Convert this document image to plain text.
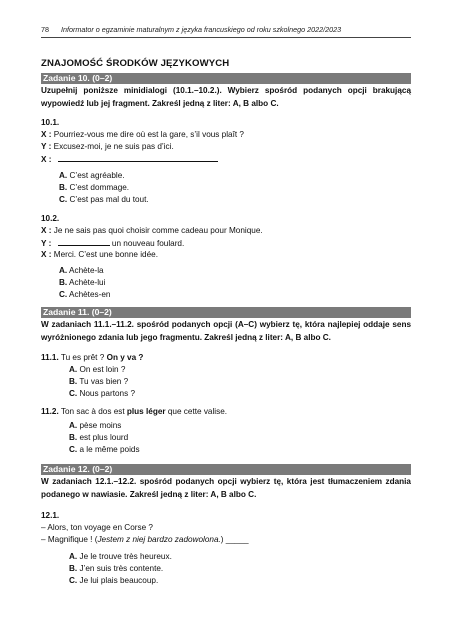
78 Informator o egzaminie maturalnym z języka francuskiego od roku szkolnego 2022/2023
ZNAJOMOŚĆ ŚRODKÓW JĘZYKOWYCH
Zadanie 10. (0–2)
Uzupełnij poniższe minidialogi (10.1.–10.2.). Wybierz spośród podanych opcji brakującą wypowiedź lub jej fragment. Zakreśl jedną z liter: A, B albo C.
10.1.
X : Pourriez-vous me dire où est la gare, s’il vous plaît ?
Y : Excusez-moi, je ne suis pas d’ici.
X :
A. C’est agréable.
B. C’est dommage.
C. C’est pas mal du tout.
10.2.
X : Je ne sais pas quoi choisir comme cadeau pour Monique.
Y :	un nouveau foulard.
X : Merci. C’est une bonne idée.
A. Achète-la
B. Achète-lui
C. Achètes-en
Zadanie 11. (0–2)
W zadaniach 11.1.–11.2. spośród podanych opcji (A–C) wybierz tę, która najlepiej oddaje sens wyróżnionego zdania lub jego fragmentu. Zakreśl jedną z liter: A, B albo C.
11.1. Tu es prêt ? On y va ?
A. On est loin ?
B. Tu vas bien ?
C. Nous partons ?
11.2. Ton sac à dos est plus léger que cette valise.
A. pèse moins
B. est plus lourd
C. a le même poids
Zadanie 12. (0–2)
W zadaniach 12.1.–12.2. spośród podanych opcji wybierz tę, która jest tłumaczeniem zdania podanego w nawiasie. Zakreśl jedną z liter: A, B albo C.
12.1.
– Alors, ton voyage en Corse ?
– Magnifique ! (Jestem z niej bardzo zadowolona.) _____
A. Je le trouve très heureux.
B. J’en suis très contente.
C. Je lui plais beaucoup.
